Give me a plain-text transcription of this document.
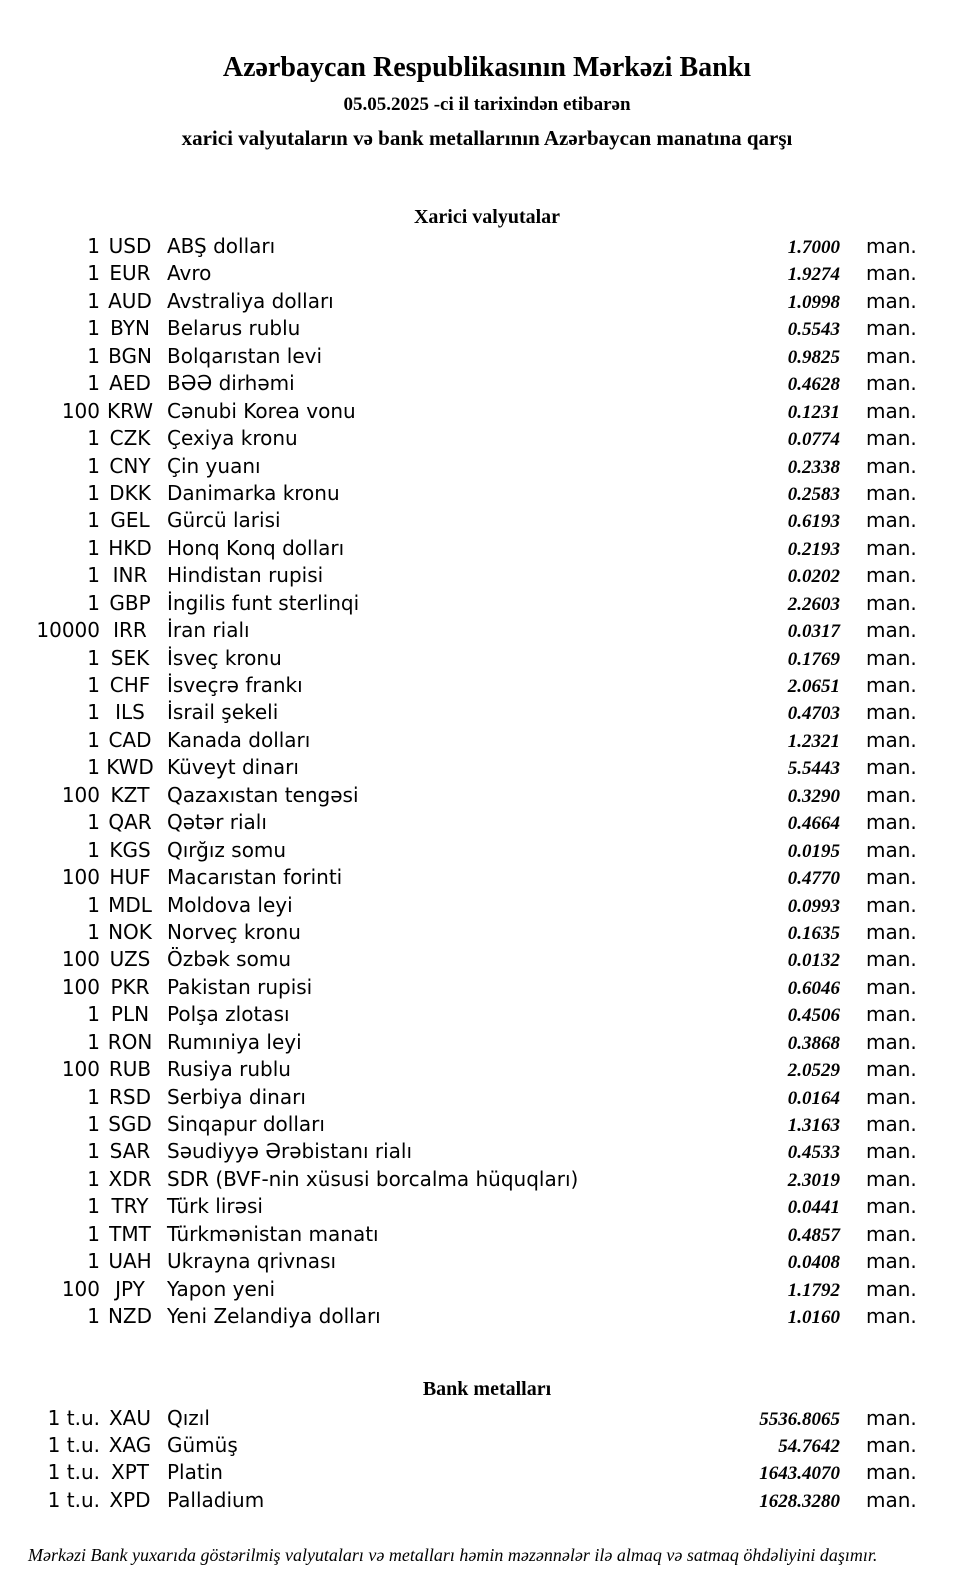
Azərbaycan Respublikasının Mərkəzi Bankı
05.05.2025 -ci il tarixindən etibarən
xarici valyutaların və bank metallarının Azərbaycan manatına qarşı
Xarici valyutalar
1 USD ABŞ dolları	1.7000	man.
1 EUR Avro	1.9274	man.
1 AUD Avstraliya dolları	1.0998	man.
1 BYN Belarus rublu	0.5543	man.
1 BGN Bolqarıstan levi	0.9825	man.
1 AED BƏƏ dirhəmi	0.4628	man.
100 KRW Cənubi Korea vonu	0.1231	man.
1 CZK Çexiya kronu	0.0774	man.
1 CNY Çin yuanı	0.2338	man.
1 DKK Danimarka kronu	0.2583	man.
1 GEL Gürcü larisi	0.6193	man.
1 HKD Honq Konq dolları	0.2193	man.
1 INR Hindistan rupisi	0.0202	man.
1 GBP İngilis funt sterlinqi	2.2603	man.
10000 IRR	İran rialı	0.0317	man.
1 SEK İsveç kronu	0.1769	man.
1 CHF İsveçrə frankı	2.0651	man.
1 ILS	İsrail şekeli	0.4703	man.
1 CAD Kanada dolları	1.2321	man.
1 KWD Küveyt dinarı	5.5443	man.
100 KZT Qazaxıstan tengəsi	0.3290	man.
1 QAR Qətər rialı	0.4664	man.
1 KGS Qırğız somu	0.0195	man.
100 HUF Macarıstan forinti	0.4770	man.
1 MDL Moldova leyi	0.0993	man.
1 NOK Norveç kronu	0.1635	man.
100 UZS Özbək somu	0.0132	man.
100 PKR Pakistan rupisi	0.6046	man.
1 PLN Polşa zlotası	0.4506	man.
1 RON Rumıniya leyi	0.3868	man.
100 RUB Rusiya rublu	2.0529	man.
1 RSD Serbiya dinarı	0.0164	man.
1 SGD Sinqapur dolları	1.3163	man.
1 SAR Səudiyyə Ərəbistanı rialı	0.4533	man.
1 XDR SDR (BVF-nin xüsusi borcalma hüquqları)	2.3019	man.
1 TRY Türk lirəsi	0.0441	man.
1 TMT Türkmənistan manatı	0.4857	man.
1 UAH Ukrayna qrivnası	0.0408	man.
100 JPY	Yapon yeni	1.1792	man.
1 NZD Yeni Zelandiya dolları	1.0160	man.
Bank metalları
1 t.u. XAU Qızıl	5536.8065	man.
1 t.u. XAG Gümüş	54.7642	man.
1 t.u. XPT Platin	1643.4070	man.
1 t.u. XPD Palladium	1628.3280	man.
Mərkəzi Bank yuxarıda göstərilmiş valyutaları və metalları həmin məzənnələr ilə almaq və satmaq öhdəliyini daşımır.
